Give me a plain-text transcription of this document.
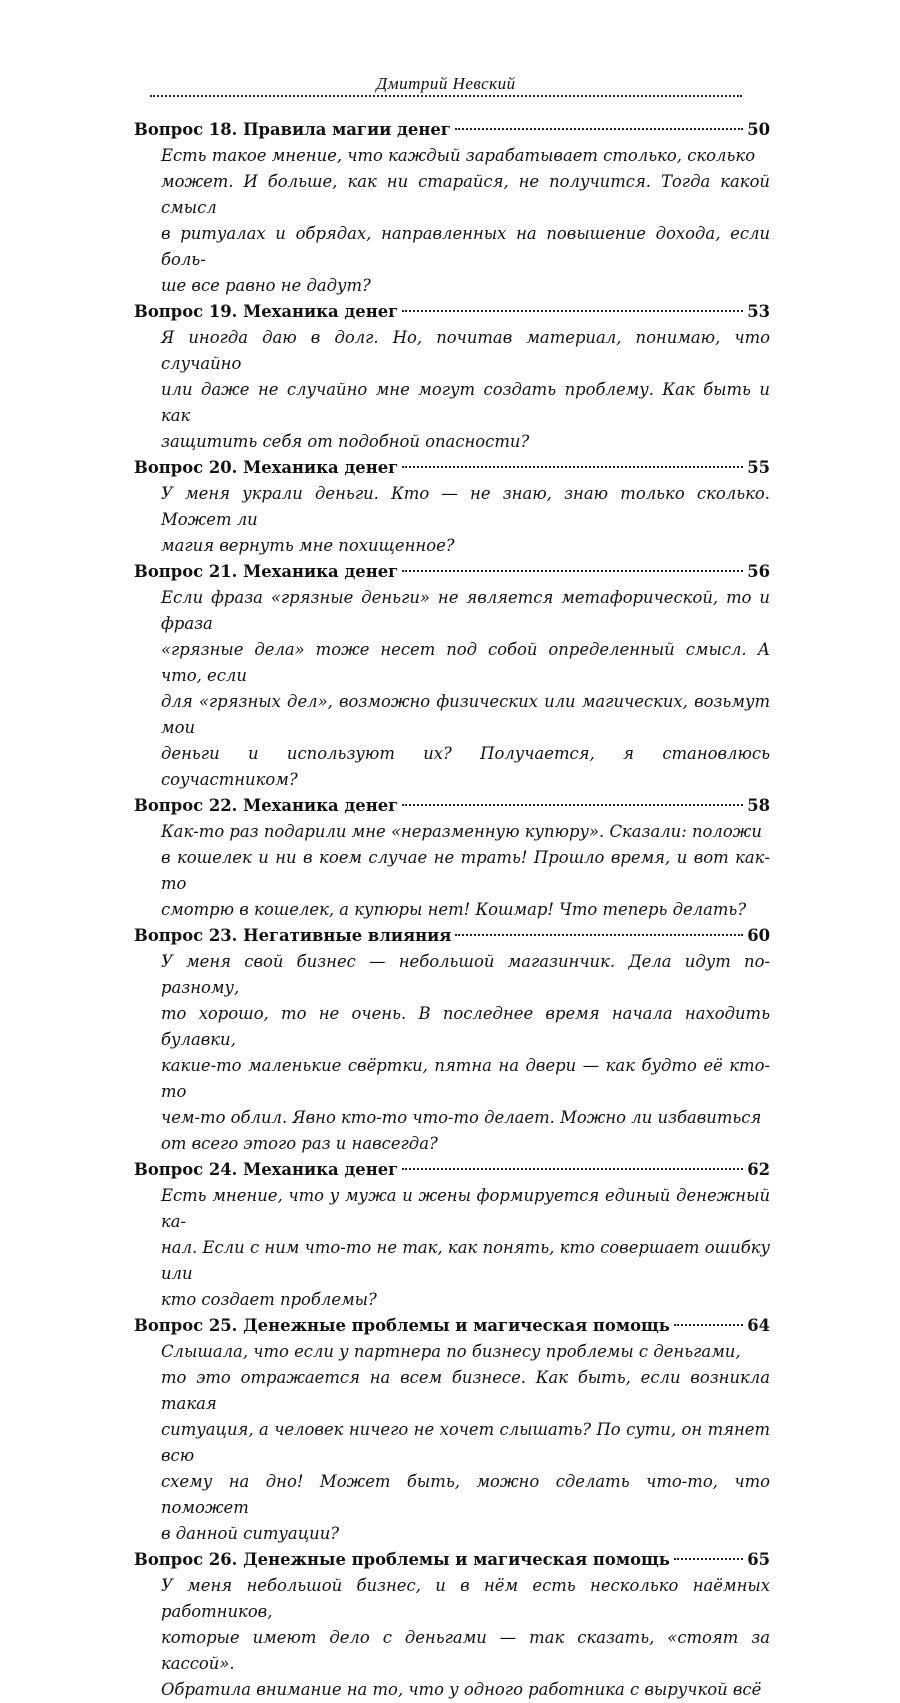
Дмитрий Невский
Вопрос 18. Правила магии денег	50

Есть такое мнение, что каждый зарабатывает столько, сколько
может. И больше, как ни старайся, не получится. Тогда какой смысл
в ритуалах и обрядах, направленных на повышение дохода, если боль-
ше все равно не дадут?

Вопрос 19. Механика денег	53

Я иногда даю в долг. Но, почитав материал, понимаю, что случайно
или даже не случайно мне могут создать проблему. Как быть и как
защитить себя от подобной опасности?

Вопрос 20. Механика денег	55

У меня украли деньги. Кто — не знаю, знаю только сколько. Может ли
магия вернуть мне похищенное?

Вопрос 21. Механика денег	56

Если фраза «грязные деньги» не является метафорической, то и фраза
«грязные дела» тоже несет под собой определенный смысл. А что, если
для «грязных дел», возможно физических или магических, возьмут мои
деньги и используют их? Получается, я становлюсь соучастником?

Вопрос 22. Механика денег	58

Как-то раз подарили мне «неразменную купюру». Сказали: положи
в кошелек и ни в коем случае не трать! Прошло время, и вот как-то
смотрю в кошелек, а купюры нет! Кошмар! Что теперь делать?

Вопрос 23. Негативные влияния	60

У меня свой бизнес — небольшой магазинчик. Дела идут по-разному,
то хорошо, то не очень. В последнее время начала находить булавки,
какие-то маленькие свёртки, пятна на двери — как будто её кто-то
чем-то облил. Явно кто-то что-то делает. Можно ли избавиться
от всего этого раз и навсегда?

Вопрос 24. Механика денег	62

Есть мнение, что у мужа и жены формируется единый денежный ка-
нал. Если с ним что-то не так, как понять, кто совершает ошибку или
кто создает проблемы?

Вопрос 25. Денежные проблемы и магическая помощь	64

Слышала, что если у партнера по бизнесу проблемы с деньгами,
то это отражается на всем бизнесе. Как быть, если возникла такая
ситуация, а человек ничего не хочет слышать? По сути, он тянет всю
схему на дно! Может быть, можно сделать что-то, что поможет
в данной ситуации?

Вопрос 26. Денежные проблемы и магическая помощь	65

У меня небольшой бизнес, и в нём есть несколько наёмных работников,
которые имеют дело с деньгами — так сказать, «стоят за кассой».
Обратила внимание на то, что у одного работника с выручкой всё
